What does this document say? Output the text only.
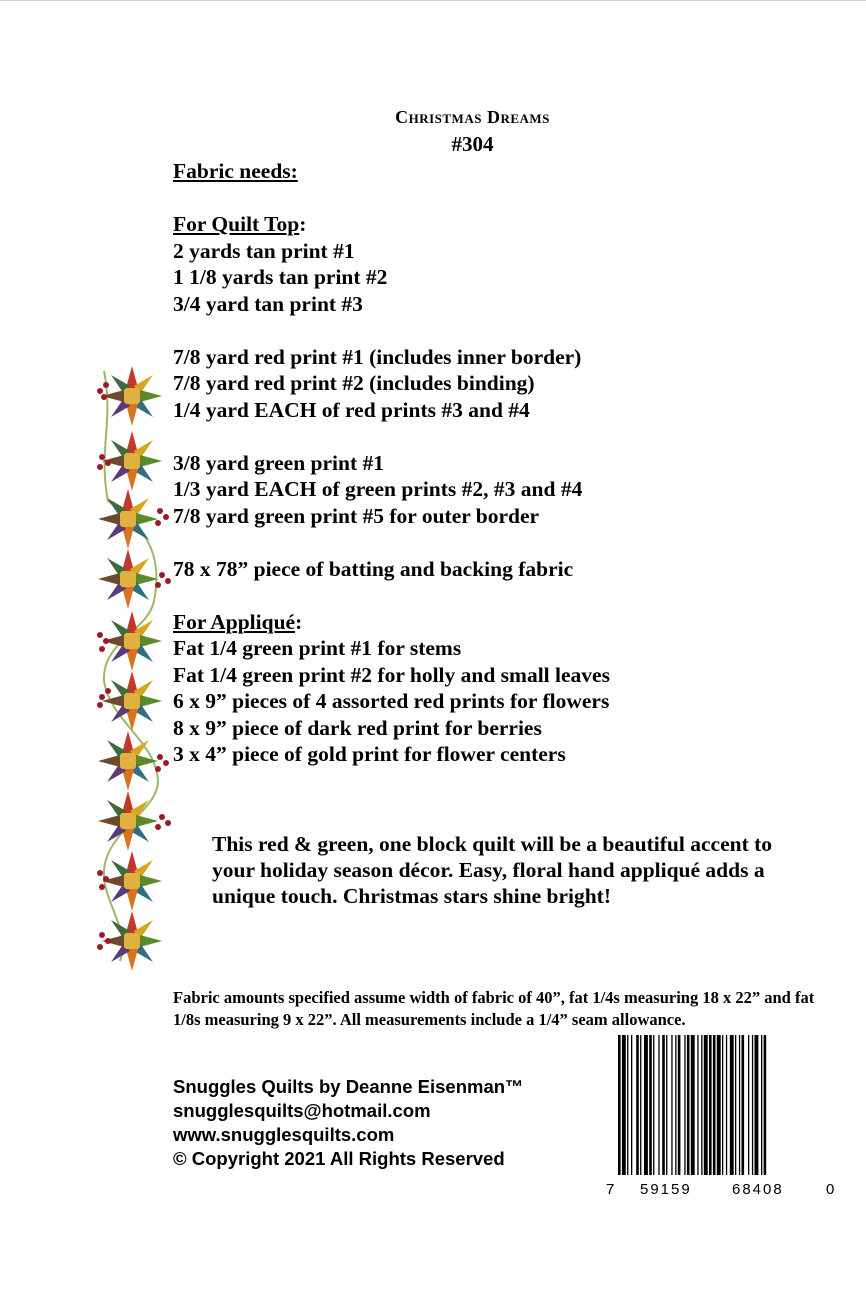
Christmas Dreams
#304
Fabric needs:
For Quilt Top:
2 yards tan print #1
1 1/8 yards tan print #2
3/4 yard tan print #3
7/8 yard red print #1 (includes inner border)
7/8 yard red print #2 (includes binding)
1/4 yard EACH of red prints #3 and #4
3/8 yard green print #1
1/3 yard EACH of green prints #2, #3 and #4
7/8 yard green print #5 for outer border
78 x 78” piece of batting and backing fabric
For Appliqué:
Fat 1/4 green print #1 for stems
Fat 1/4 green print #2 for holly and small leaves
6 x 9” pieces of 4 assorted red prints for flowers
8 x 9” piece of dark red print for berries
3 x 4” piece of gold print for flower centers
This red & green, one block quilt will be a beautiful accent to your holiday season décor. Easy, floral hand appliqué adds a unique touch. Christmas stars shine bright!
Fabric amounts specified assume width of fabric of 40”, fat 1/4s measuring 18 x 22” and fat 1/8s measuring 9 x 22”. All measurements include a 1/4” seam allowance.
Snuggles Quilts by Deanne Eisenman™
snugglesquilts@hotmail.com
www.snugglesquilts.com
© Copyright 2021 All Rights Reserved
7 59159	68408	0
